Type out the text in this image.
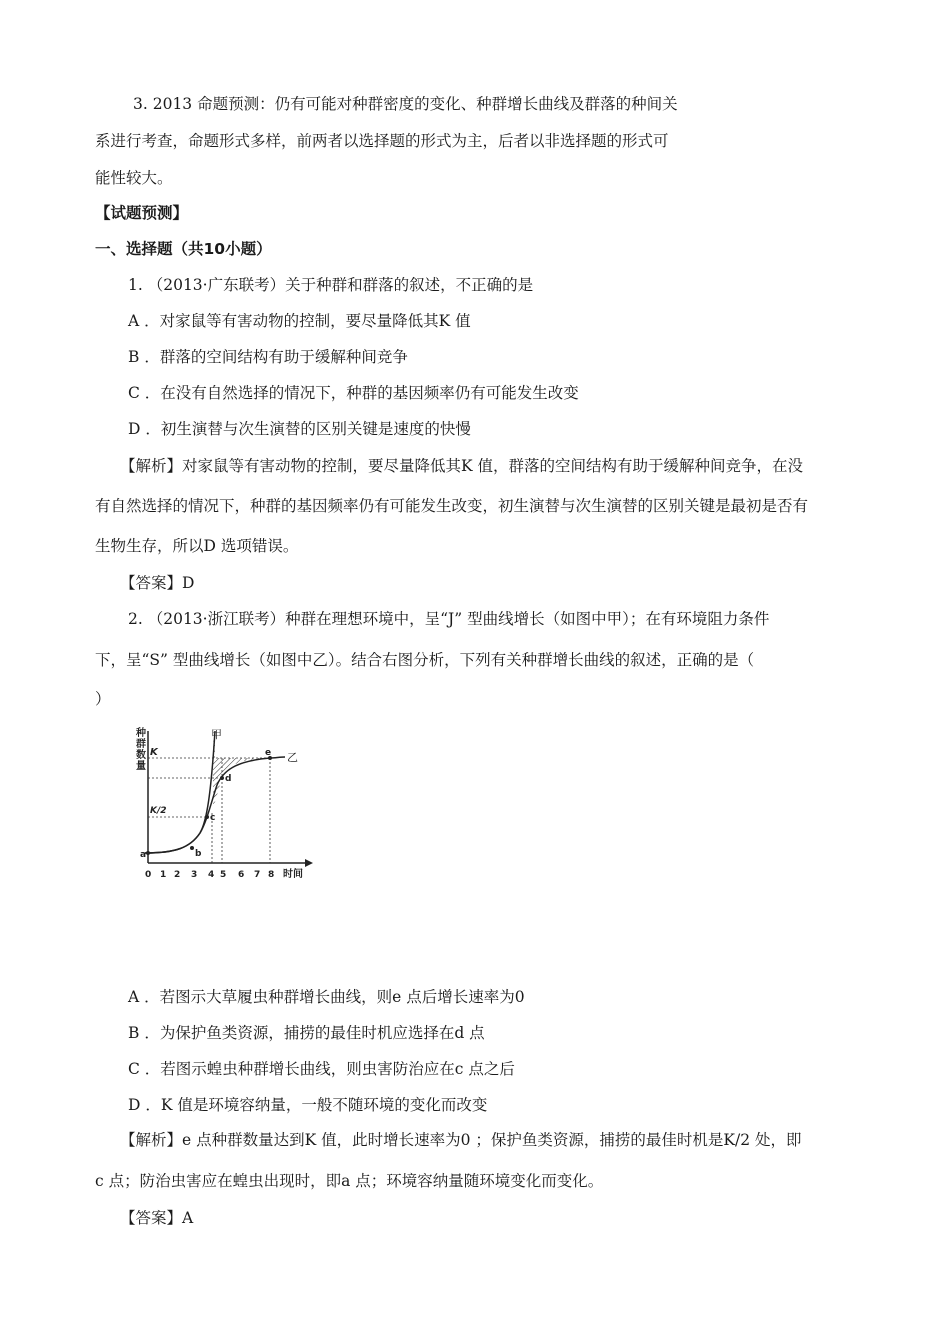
3. 2013 命题预测：仍有可能对种群密度的变化、种群增长曲线及群落的种间关
系进行考查，命题形式多样，前两者以选择题的形式为主，后者以非选择题的形式可
能性较大。
【试题预测】
一、选择题（共10小题）
1. （2013·广东联考）关于种群和群落的叙述，不正确的是
A ．对家鼠等有害动物的控制，要尽量降低其K 值
B ．群落的空间结构有助于缓解种间竞争
C ．在没有自然选择的情况下，种群的基因频率仍有可能发生改变
D ．初生演替与次生演替的区别关键是速度的快慢
【解析】对家鼠等有害动物的控制，要尽量降低其K 值，群落的空间结构有助于缓解种间竞争，在没
有自然选择的情况下，种群的基因频率仍有可能发生改变，初生演替与次生演替的区别关键是最初是否有
生物生存，所以D 选项错误。
【答案】D
2. （2013·浙江联考）种群在理想环境中，呈“J” 型曲线增长（如图中甲）；在有环境阻力条件
下，呈“S” 型曲线增长（如图中乙）。结合右图分析，下列有关种群增长曲线的叙述，正确的是（
）
种
群
数
量
甲
乙
K
K/2
a	b
c
d
e
0 1 2 3 4 5 6 7 8 时间
A ．若图示大草履虫种群增长曲线，则e 点后增长速率为0
B ．为保护鱼类资源，捕捞的最佳时机应选择在d 点
C ．若图示蝗虫种群增长曲线，则虫害防治应在c 点之后
D ．K 值是环境容纳量，一般不随环境的变化而改变
【解析】e 点种群数量达到K 值，此时增长速率为0 ；保护鱼类资源，捕捞的最佳时机是K/2 处，即
c 点；防治虫害应在蝗虫出现时，即a 点；环境容纳量随环境变化而变化。
【答案】A
